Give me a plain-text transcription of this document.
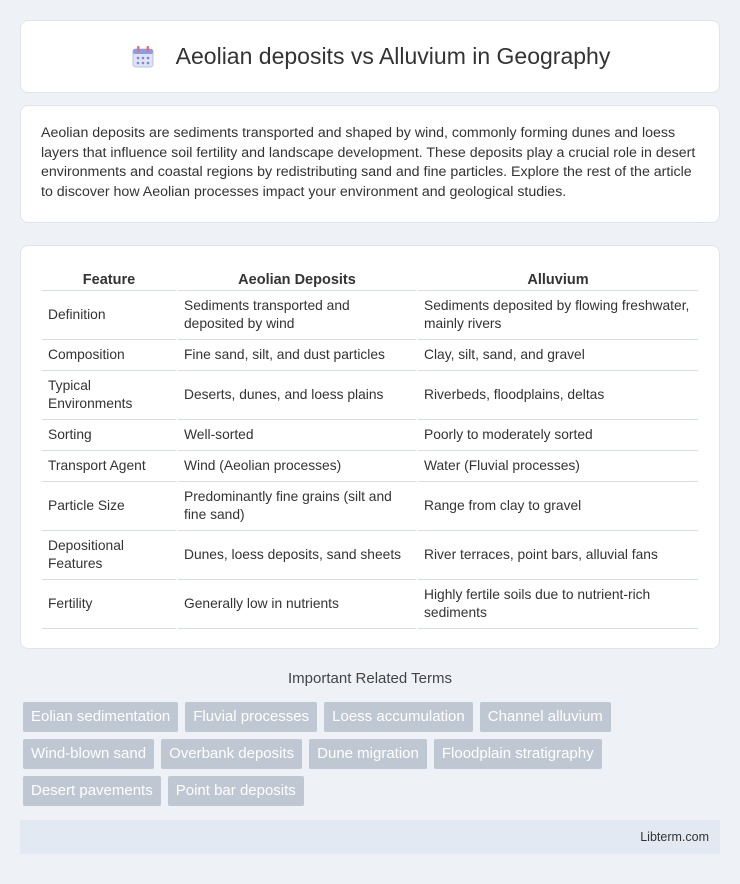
Aeolian deposits vs Alluvium in Geography

Aeolian deposits are sediments transported and shaped by wind, commonly forming dunes and loess layers that influence soil fertility and landscape development. These deposits play a crucial role in desert environments and coastal regions by redistributing sand and fine particles. Explore the rest of the article to discover how Aeolian processes impact your environment and geological studies.

Feature	Aeolian Deposits	Alluvium
Definition	Sediments transported and deposited by wind	Sediments deposited by flowing freshwater, mainly rivers
Composition	Fine sand, silt, and dust particles	Clay, silt, sand, and gravel
Typical Environments	Deserts, dunes, and loess plains	Riverbeds, floodplains, deltas
Sorting	Well-sorted	Poorly to moderately sorted
Transport Agent	Wind (Aeolian processes)	Water (Fluvial processes)
Particle Size	Predominantly fine grains (silt and fine sand)	Range from clay to gravel
Depositional Features	Dunes, loess deposits, sand sheets	River terraces, point bars, alluvial fans
Fertility	Generally low in nutrients	Highly fertile soils due to nutrient-rich sediments
Important Related Terms
Eolian sedimentation	Fluvial processes	Loess accumulation	Channel alluvium
Wind-blown sand	Overbank deposits	Dune migration	Floodplain stratigraphy
Desert pavements	Point bar deposits
Libterm.com
